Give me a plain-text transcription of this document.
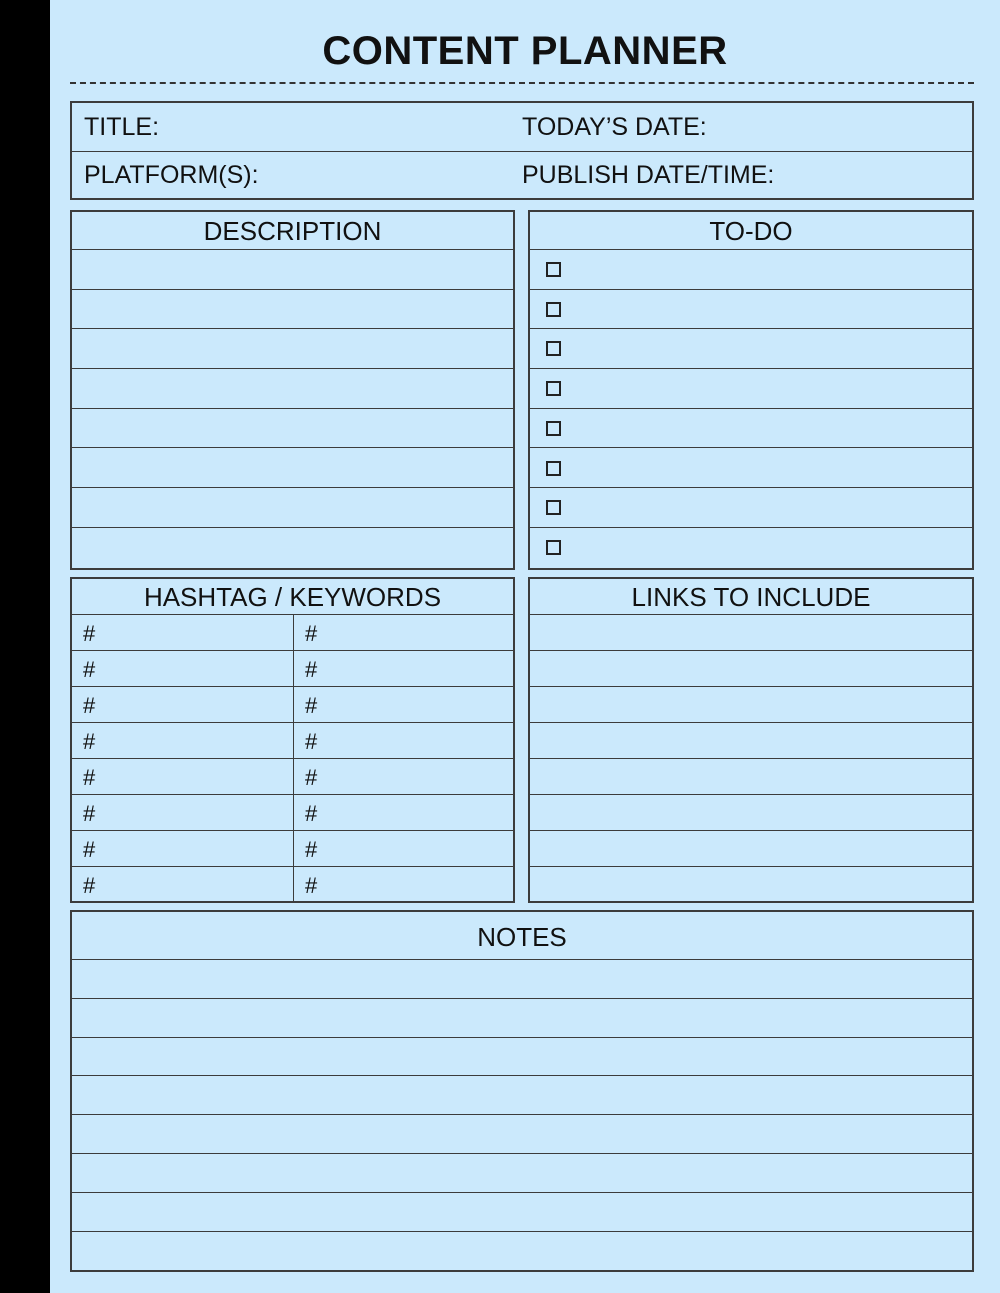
CONTENT PLANNER
TITLE:	TODAY’S DATE:
PLATFORM(S):	PUBLISH DATE/TIME:
DESCRIPTION	TO-DO
HASHTAG / KEYWORDS
#	#
#	#
#	#
#	#
#	#
#	#
#	#
#	#
LINKS TO INCLUDE
NOTES
